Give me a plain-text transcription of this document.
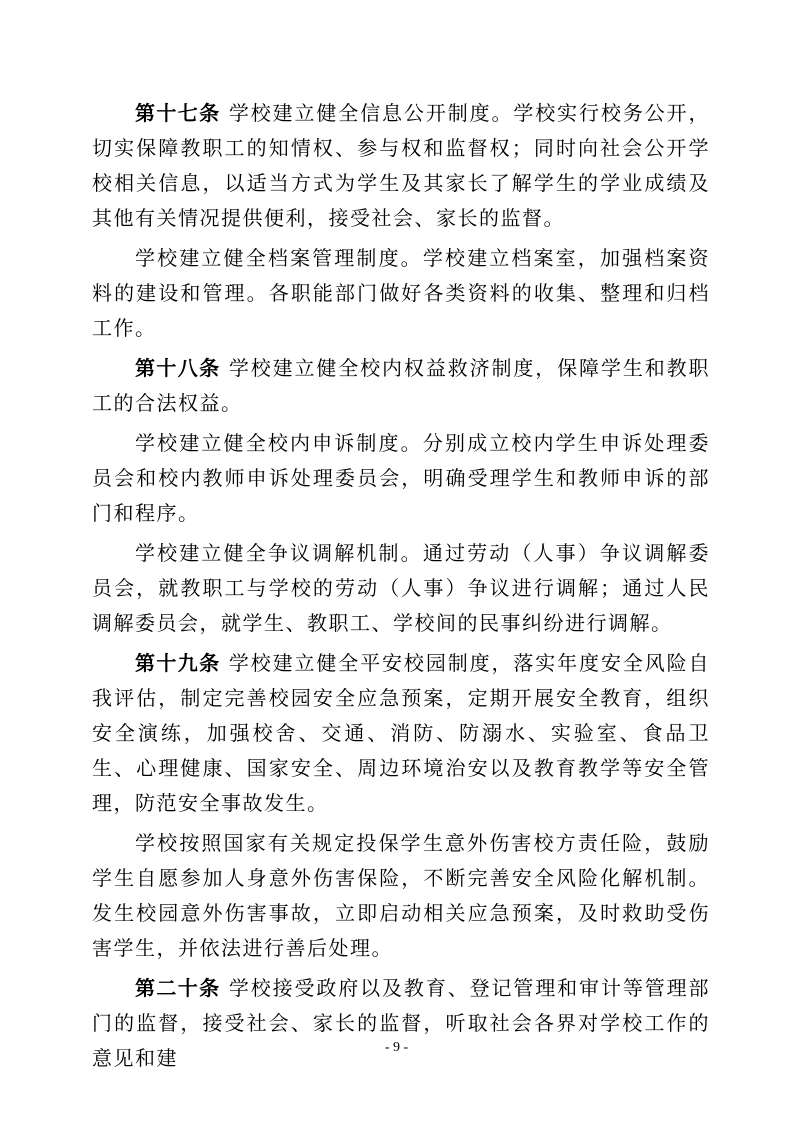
第十七条 学校建立健全信息公开制度。学校实行校务公开，切实保障教职工的知情权、参与权和监督权；同时向社会公开学校相关信息，以适当方式为学生及其家长了解学生的学业成绩及其他有关情况提供便利，接受社会、家长的监督。

学校建立健全档案管理制度。学校建立档案室，加强档案资料的建设和管理。各职能部门做好各类资料的收集、整理和归档工作。

第十八条 学校建立健全校内权益救济制度，保障学生和教职工的合法权益。

学校建立健全校内申诉制度。分别成立校内学生申诉处理委员会和校内教师申诉处理委员会，明确受理学生和教师申诉的部门和程序。

学校建立健全争议调解机制。通过劳动（人事）争议调解委员会，就教职工与学校的劳动（人事）争议进行调解；通过人民调解委员会，就学生、教职工、学校间的民事纠纷进行调解。

第十九条 学校建立健全平安校园制度，落实年度安全风险自我评估，制定完善校园安全应急预案，定期开展安全教育，组织安全演练，加强校舍、交通、消防、防溺水、实验室、食品卫生、心理健康、国家安全、周边环境治安以及教育教学等安全管理，防范安全事故发生。

学校按照国家有关规定投保学生意外伤害校方责任险，鼓励学生自愿参加人身意外伤害保险，不断完善安全风险化解机制。发生校园意外伤害事故，立即启动相关应急预案，及时救助受伤害学生，并依法进行善后处理。

第二十条 学校接受政府以及教育、登记管理和审计等管理部门的监督，接受社会、家长的监督，听取社会各界对学校工作的意见和建	- 9 -
